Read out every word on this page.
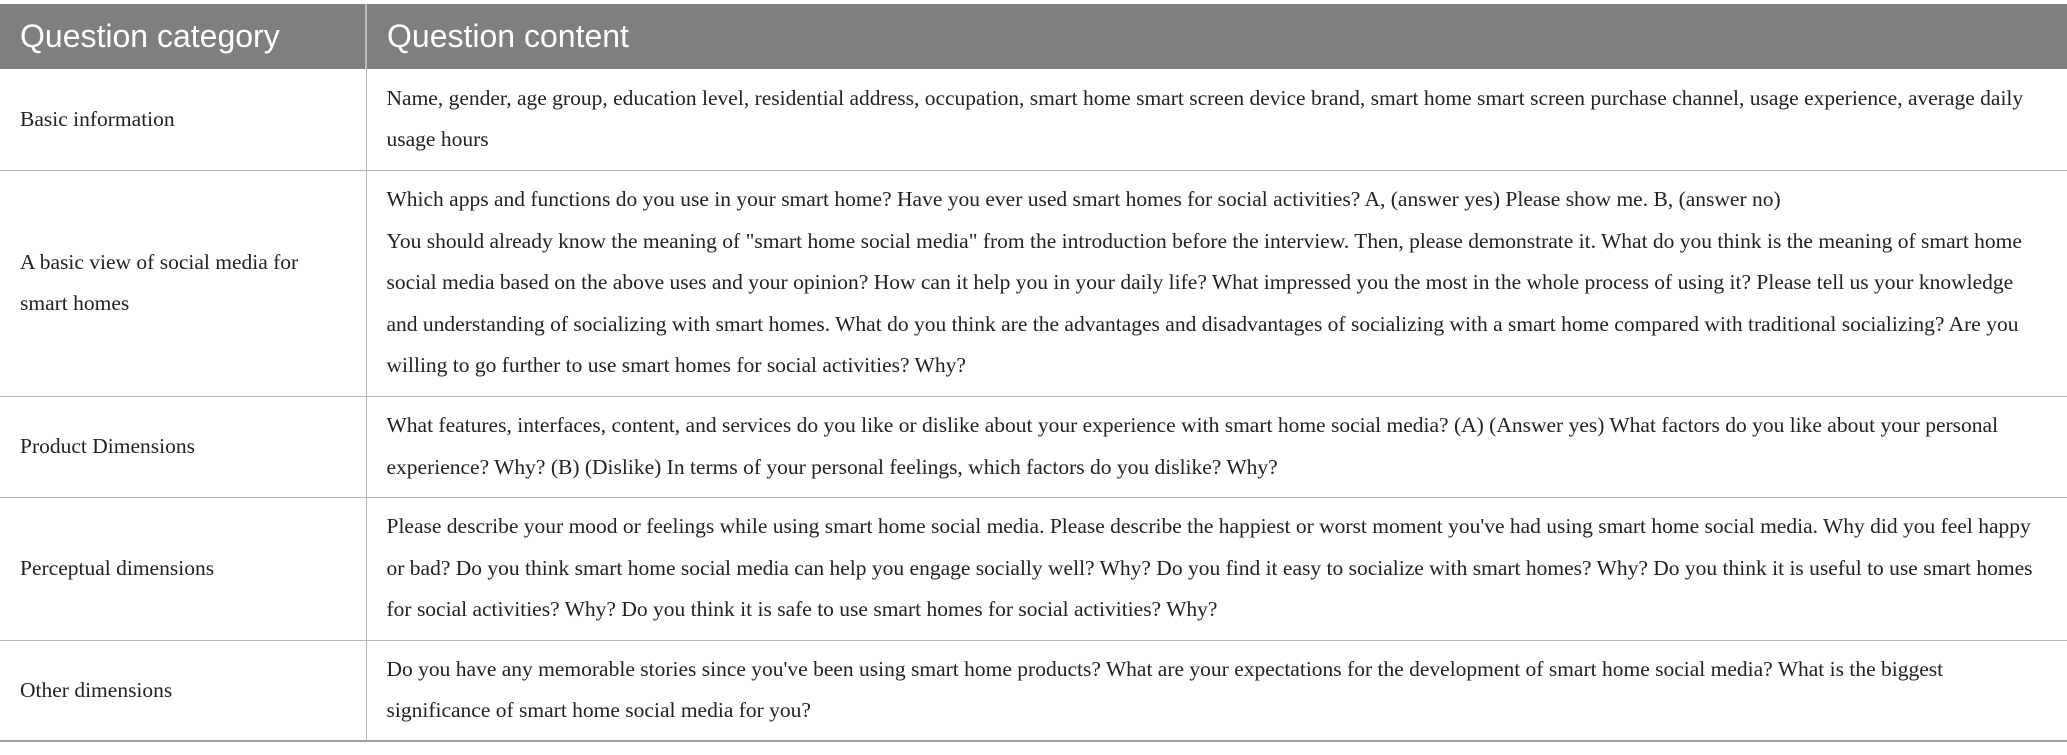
Question category	Question content
Basic information	Name, gender, age group, education level, residential address, occupation, smart home smart screen device brand, smart home smart screen purchase channel, usage experience, average daily usage hours
A basic view of social media for smart homes	Which apps and functions do you use in your smart home? Have you ever used smart homes for social activities? A, (answer yes) Please show me. B, (answer no)
You should already know the meaning of "smart home social media" from the introduction before the interview. Then, please demonstrate it. What do you think is the meaning of smart home social media based on the above uses and your opinion? How can it help you in your daily life? What impressed you the most in the whole process of using it? Please tell us your knowledge and understanding of socializing with smart homes. What do you think are the advantages and disadvantages of socializing with a smart home compared with traditional socializing? Are you willing to go further to use smart homes for social activities? Why?

Product Dimensions	What features, interfaces, content, and services do you like or dislike about your experience with smart home social media? (A) (Answer yes) What factors do you like about your personal experience? Why? (B) (Dislike) In terms of your personal feelings, which factors do you dislike? Why?
Perceptual dimensions	Please describe your mood or feelings while using smart home social media. Please describe the happiest or worst moment you've had using smart home social media. Why did you feel happy or bad? Do you think smart home social media can help you engage socially well? Why? Do you find it easy to socialize with smart homes? Why? Do you think it is useful to use smart homes for social activities? Why? Do you think it is safe to use smart homes for social activities? Why?
Other dimensions	Do you have any memorable stories since you've been using smart home products? What are your expectations for the development of smart home social media? What is the biggest significance of smart home social media for you?
